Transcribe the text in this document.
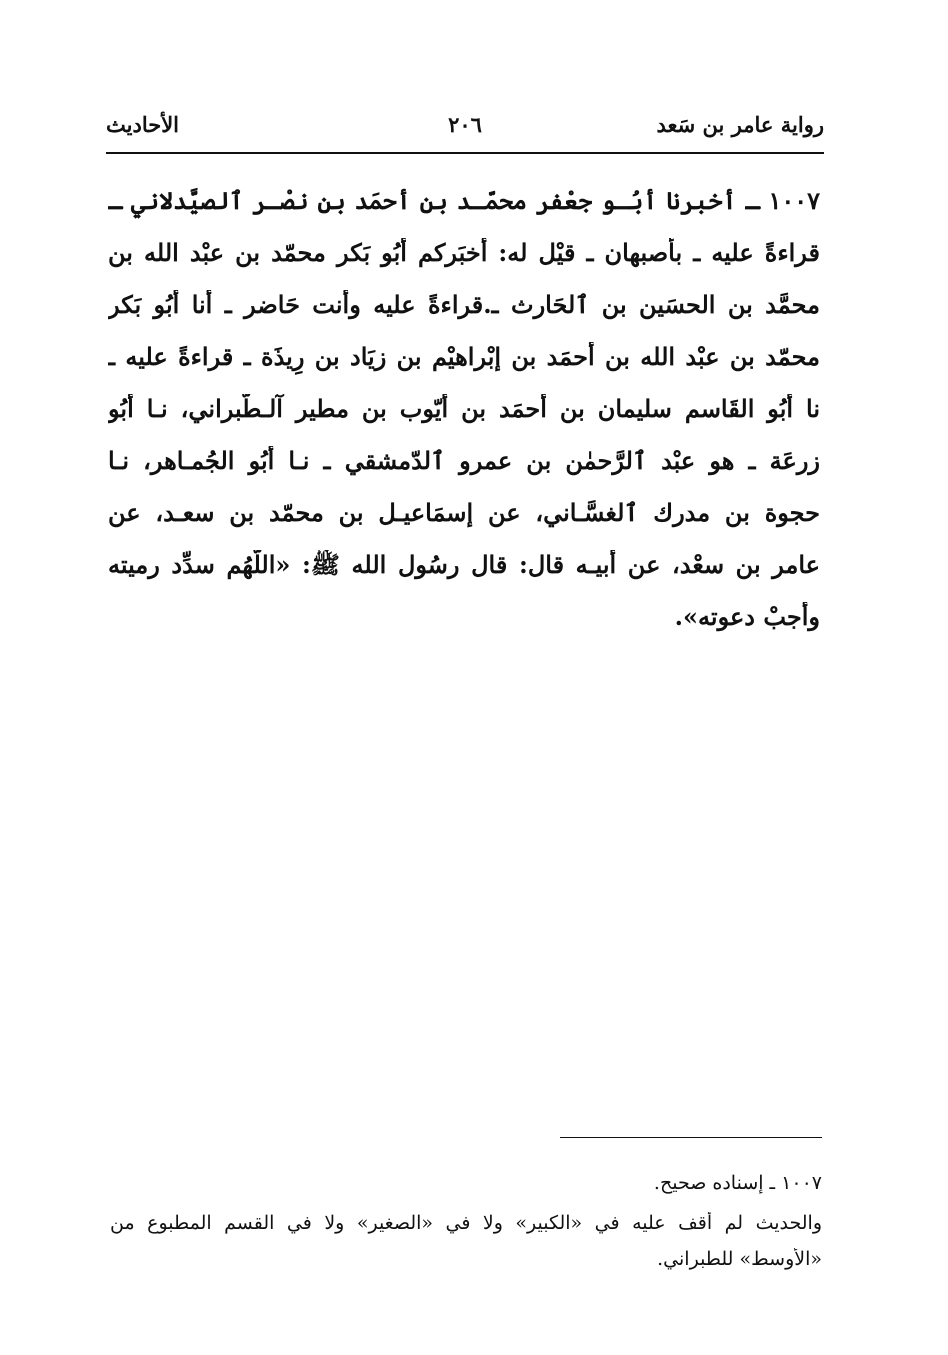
رواية عامر بن سَعد
٢٠٦
الأحاديث
١٠٠٧ ـ أخبرنا أبُـو جعْفر محمّـد بن أحمَد بن نصْـر ٱلصيَّدلاني ـ
قراءةً عليه ـ بأصبهان ـ قيْل له: أخبَركم أبُو بَكر محمّد بن عبْد الله بن
محمَّد بن الحسَين بن ٱلحَارث ـ.قراءةً عليه وأنت حَاضر ـ أنا أبُو بَكر
محمّد بن عبْد الله بن أحمَد بن إبْراهيْم بن زيَاد بن رِيذَة ـ قراءةً عليه ـ
نا أبُو القَاسم سليمان بن أحمَد بن أيّوب بن مطير آلـطّبراني، نـا أبُو
زرعَة ـ هو عبْد ٱلرَّحمٰن بن عمرو ٱلدّمشقي ـ نـا أبُو الجُمـاهر، نـا
حجوة بن مدرك ٱلغسَّـاني، عن إسمَاعيـل بن محمّد بن سعـد، عن
عامر بن سعْد، عن أبيـه قال: قال رسُول الله ﷺ: «اللّهُم سدِّد رميته
وأجبْ دعوته».
١٠٠٧ ـ إسناده صحيح.
والحديث لم أقف عليه في «الكبير» ولا في «الصغير» ولا في القسم المطبوع من
«الأوسط» للطبراني.
